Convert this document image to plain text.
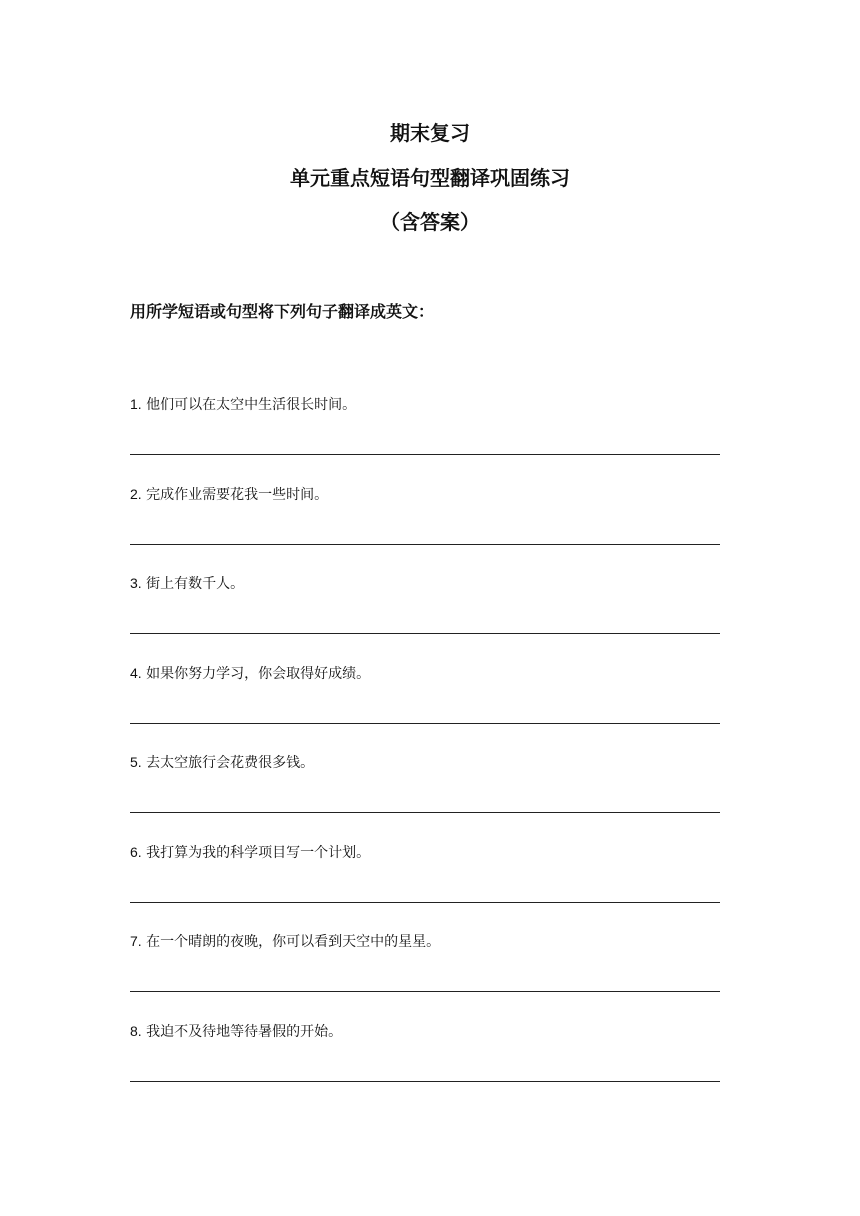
期末复习
单元重点短语句型翻译巩固练习
（含答案）
用所学短语或句型将下列句子翻译成英文：
1. 他们可以在太空中生活很长时间。
2. 完成作业需要花我一些时间。
3. 街上有数千人。
4. 如果你努力学习，你会取得好成绩。
5. 去太空旅行会花费很多钱。
6. 我打算为我的科学项目写一个计划。
7. 在一个晴朗的夜晚，你可以看到天空中的星星。
8. 我迫不及待地等待暑假的开始。
